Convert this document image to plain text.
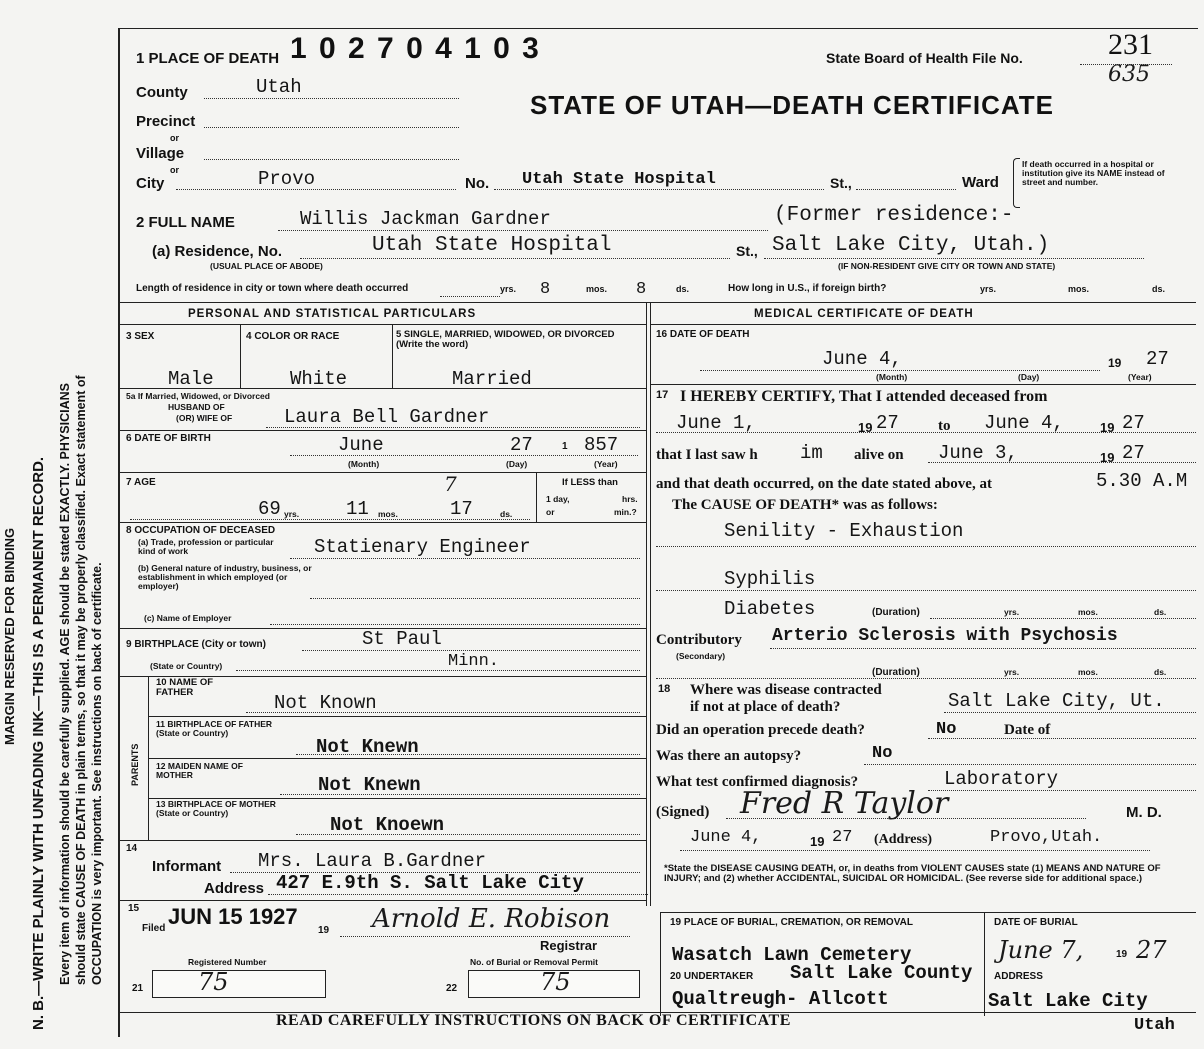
MARGIN RESERVED FOR BINDING N. B.—WRITE PLAINLY WITH UNFADING INK—THIS IS A PERMANENT RECORD. Every item of information should be carefully supplied. AGE should be stated EXACTLY. PHYSICIANS should state CAUSE OF DEATH in plain terms, so that it may be properly classified. Exact statement of OCCUPATION is very important. See instructions on back of certificate.
1 PLACE OF DEATH 1 0 2 7 0 4 1 0 3	State Board of Health File No.	231
635
STATE OF UTAH—DEATH CERTIFICATE
County	Utah
Precinct
or
Village
or
City	Provo	No. Utah State Hospital	St.,	Ward
If death occurred in a hospital or institution give its NAME instead of street and number.
2 FULL NAME	Willis Jackman Gardner	(Former residence:-
(a) Residence, No.
(USUAL PLACE OF ABODE)
Utah State Hospital	St., Salt Lake City, Utah.)
(IF NON-RESIDENT GIVE CITY OR TOWN AND STATE)
Length of residence in city or town where death occurred	yrs. 8	mos. 8	ds.	How long in U.S., if foreign birth?	yrs.	mos.	ds.
PERSONAL AND STATISTICAL PARTICULARS	MEDICAL CERTIFICATE OF DEATH
3 SEX	4 COLOR OR RACE	5 SINGLE, MARRIED, WIDOWED, OR DIVORCED (Write the word)
Male	White	Married
5a If Married, Widowed, or Divorced
HUSBAND OF
(OR) WIFE OF	Laura Bell Gardner
6 DATE OF BIRTH	June	27	1 857
(Month)	(Day)	(Year)
7 AGE	7
69 yrs. 11 mos.	17	ds.
If LESS than
1 day,	hrs.
or	min.?
8 OCCUPATION OF DECEASED
(a) Trade, profession or particular kind of work	Statienary Engineer
(b) General nature of industry, business, or establishment in which employed (or employer)
(c) Name of Employer
9 BIRTHPLACE (City or town)	St Paul
(State or Country)	Minn.
PARENTS
10 NAME OF FATHER	Not Known
11 BIRTHPLACE OF FATHER (State or Country)
Not Knewn
12 MAIDEN NAME OF MOTHER	Not Knewn
13 BIRTHPLACE OF MOTHER (State or Country)
Not Knoewn
14
Informant Mrs. Laura B.Gardner
Address 427 E.9th S. Salt Lake City
15
Filed JUN 15 1927
19 Arnold E. Robison
Registrar
Registered Number	No. of Burial or Removal Permit
21 75	22	75
16 DATE OF DEATH
June 4,	19 27
(Month)	(Day)	(Year)
17 I HEREBY CERTIFY, That I attended deceased from
June 1,	19 27	to June 4,	19 27
that I last saw h im alive on June 3,	19 27
and that death occurred, on the date stated above, at	5.30 A.M
The CAUSE OF DEATH* was as follows:
Senility - Exhaustion
Syphilis
Diabetes	(Duration)	yrs.	mos.	ds.
Contributory
(Secondary)
Arterio Sclerosis with Psychosis
(Duration)	yrs.	mos.	ds.
18 Where was disease contracted
if not at place of death?	Salt Lake City, Ut.
Did an operation precede death?	No	Date of
Was there an autopsy?	No
What test confirmed diagnosis?	Laboratory
(Signed) Fred R Taylor	M. D.
June 4,	19 27 (Address)	Provo,Utah.
*State the DISEASE CAUSING DEATH, or, in deaths from VIOLENT CAUSES state (1) MEANS AND NATURE OF INJURY; and (2) whether ACCIDENTAL, SUICIDAL OR HOMICIDAL. (See reverse side for additional space.)
19 PLACE OF BURIAL, CREMATION, OR REMOVAL	DATE OF BURIAL
Wasatch Lawn Cemetery	June 7,	19 27
20 UNDERTAKER Salt Lake County ADDRESS
Qualtreugh- Allcott	Salt Lake City
Utah
READ CAREFULLY INSTRUCTIONS ON BACK OF CERTIFICATE
